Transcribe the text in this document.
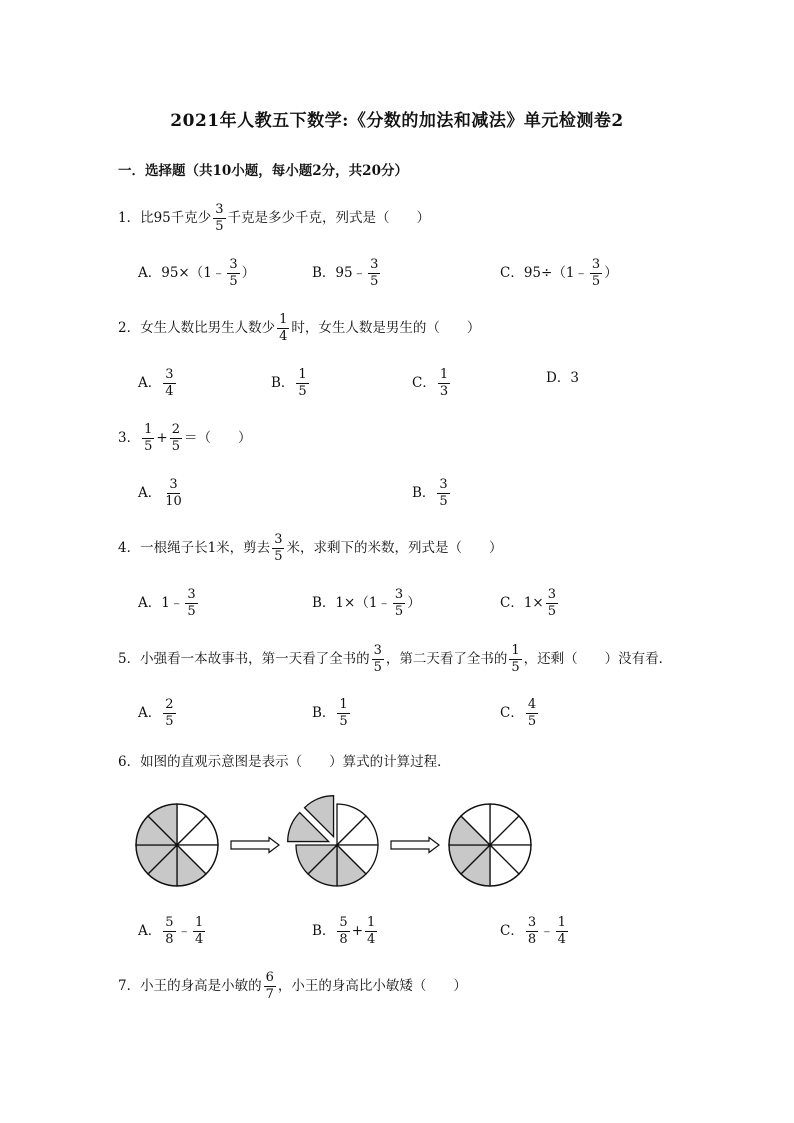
2021年人教五下数学:《分数的加法和减法》单元检测卷2
一．选择题（共10小题，每小题2分，共20分）
1．比95千克少 $\frac{3}{5}$ 千克是多少千克，列式是（　　）
A．95×（1﹣ $\frac{3}{5}$ ）	B．95﹣ $\frac{3}{5}$	C．95÷（1﹣ $\frac{3}{5}$ ）
2．女生人数比男生人数少 $\frac{1}{4}$ 时，女生人数是男生的（　　）
A． $\frac{3}{4}$	B． $\frac{1}{5}$	C． $\frac{1}{3}$	D．3
3． $\frac{1}{5} + \frac{2}{5}$ ＝（　　）
A． $\frac{3}{10}$	B． $\frac{3}{5}$
4．一根绳子长1米，剪去 $\frac{3}{5}$ 米，求剩下的米数，列式是（　　）
A．1﹣ $\frac{3}{5}$	B．1×（1﹣ $\frac{3}{5}$ ）	C．$1\times \frac{3}{5}$
5．小强看一本故事书，第一天看了全书的 $\frac{3}{5}$ ，第二天看了全书的 $\frac{1}{5}$ ，还剩（　　）没有看．
A． $\frac{2}{5}$	B． $\frac{1}{5}$	C． $\frac{4}{5}$
6．如图的直观示意图是表示（　　）算式的计算过程．
A． $\frac{5}{8}$ ﹣ $\frac{1}{4}$	B． $\frac{5}{8} + \frac{1}{4}$	C． $\frac{3}{8}$ ﹣ $\frac{1}{4}$
7．小王的身高是小敏的 $\frac{6}{7}$ ，小王的身高比小敏矮（　　）
